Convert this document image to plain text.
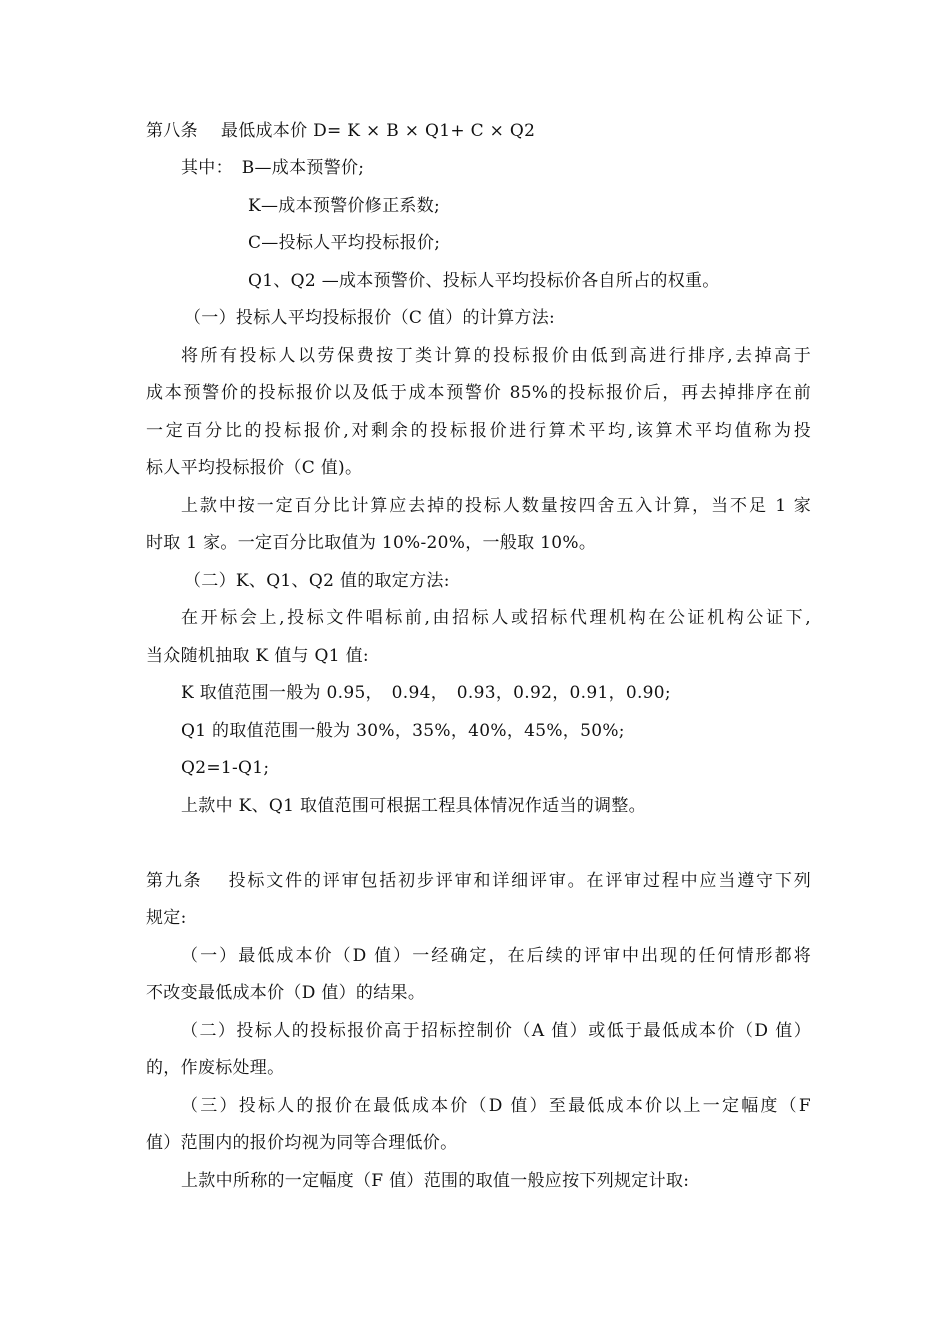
第八条　 最低成本价 D= K × B × Q1+ C × Q2
其中：　B—成本预警价;
K—成本预警价修正系数;
C—投标人平均投标报价;
Q1、Q2 —成本预警价、投标人平均投标价各自所占的权重。
（一）投标人平均投标报价（C 值）的计算方法:
将所有投标人以劳保费按丁类计算的投标报价由低到高进行排序,去掉高于
成本预警价的投标报价以及低于成本预警价 85%的投标报价后，再去掉排序在前
一定百分比的投标报价,对剩余的投标报价进行算术平均,该算术平均值称为投
标人平均投标报价（C 值)。
上款中按一定百分比计算应去掉的投标人数量按四舍五入计算，当不足 1 家
时取 1 家。一定百分比取值为 10%-20%，一般取 10%。
（二）K、Q1、Q2 值的取定方法:
在开标会上,投标文件唱标前,由招标人或招标代理机构在公证机构公证下,
当众随机抽取 K 值与 Q1 值:
K 取值范围一般为 0.95，　0.94，　0.93，0.92，0.91，0.90;
Q1 的取值范围一般为 30%，35%，40%，45%，50%;
Q2=1-Q1;
上款中 K、Q1 取值范围可根据工程具体情况作适当的调整。
第九条　 投标文件的评审包括初步评审和详细评审。在评审过程中应当遵守下列
规定:
（一）最低成本价（D 值）一经确定，在后续的评审中出现的任何情形都将
不改变最低成本价（D 值）的结果。
（二）投标人的投标报价高于招标控制价（A 值）或低于最低成本价（D 值）
的，作废标处理。
（三）投标人的报价在最低成本价（D 值）至最低成本价以上一定幅度（F
值）范围内的报价均视为同等合理低价。
上款中所称的一定幅度（F 值）范围的取值一般应按下列规定计取:
